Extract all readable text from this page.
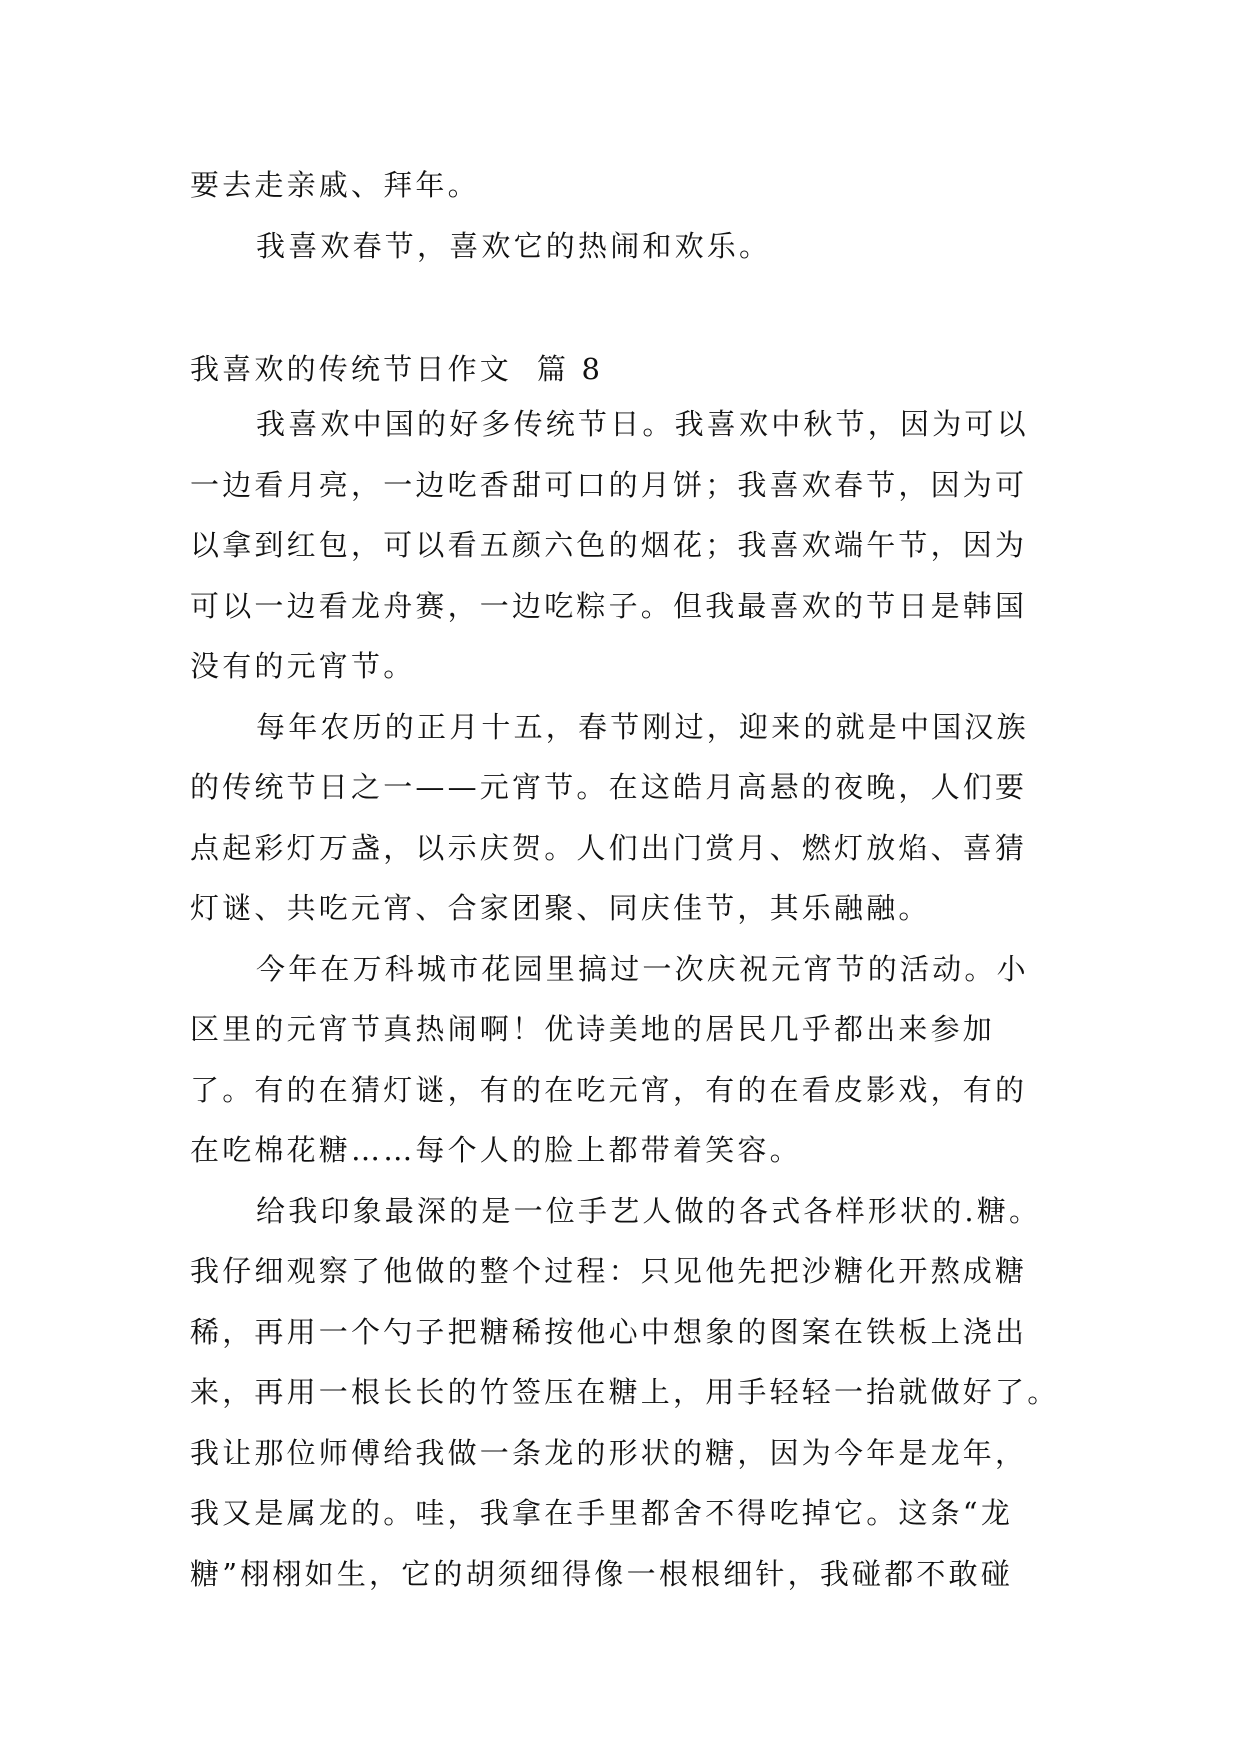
要去走亲戚、拜年。
我喜欢春节，喜欢它的热闹和欢乐。
我喜欢的传统节日作文  篇 8
我喜欢中国的好多传统节日。我喜欢中秋节，因为可以
一边看月亮，一边吃香甜可口的月饼；我喜欢春节，因为可
以拿到红包，可以看五颜六色的烟花；我喜欢端午节，因为
可以一边看龙舟赛，一边吃粽子。但我最喜欢的节日是韩国
没有的元宵节。
每年农历的正月十五，春节刚过，迎来的就是中国汉族
的传统节日之一——元宵节。在这皓月高悬的夜晚，人们要
点起彩灯万盏，以示庆贺。人们出门赏月、燃灯放焰、喜猜
灯谜、共吃元宵、合家团聚、同庆佳节，其乐融融。
今年在万科城市花园里搞过一次庆祝元宵节的活动。小
区里的元宵节真热闹啊！优诗美地的居民几乎都出来参加
了。有的在猜灯谜，有的在吃元宵，有的在看皮影戏，有的
在吃棉花糖……每个人的脸上都带着笑容。
给我印象最深的是一位手艺人做的各式各样形状的.糖。
我仔细观察了他做的整个过程：只见他先把沙糖化开熬成糖
稀，再用一个勺子把糖稀按他心中想象的图案在铁板上浇出
来，再用一根长长的竹签压在糖上，用手轻轻一抬就做好了。
我让那位师傅给我做一条龙的形状的糖，因为今年是龙年，
我又是属龙的。哇，我拿在手里都舍不得吃掉它。这条“龙
糖”栩栩如生，它的胡须细得像一根根细针，我碰都不敢碰
